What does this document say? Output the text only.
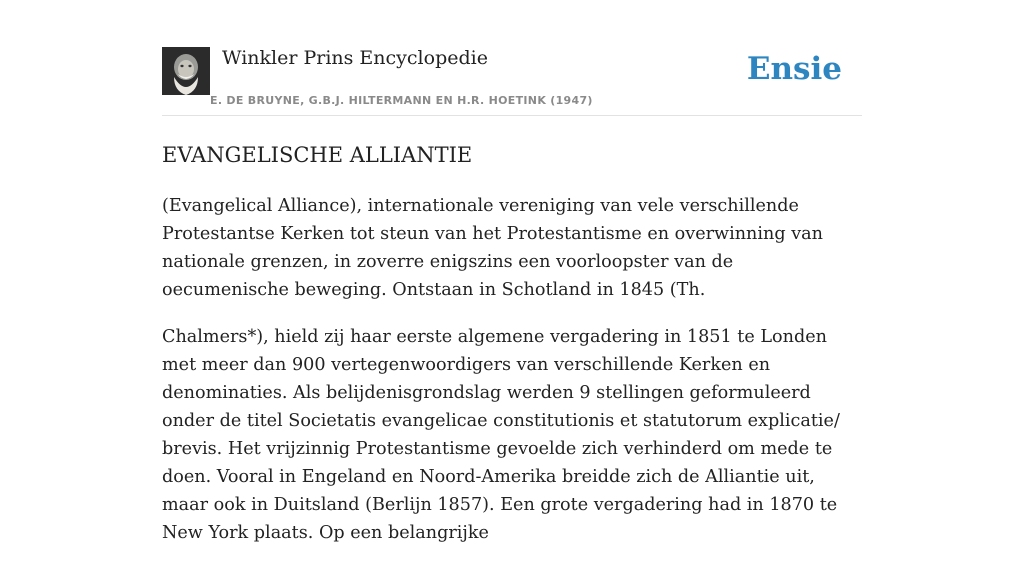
Winkler Prins Encyclopedie
E. DE BRUYNE, G.B.J. HILTERMANN EN H.R. HOETINK (1947)
Ensie
EVANGELISCHE ALLIANTIE

(Evangelical Alliance), internationale vereniging van vele verschillende Protestantse Kerken tot steun van het Protestantisme en overwinning van nationale grenzen, in zoverre enigszins een voorloopster van de oecumenische beweging. Ontstaan in Schotland in 1845 (Th.

Chalmers*), hield zij haar eerste algemene vergadering in 1851 te Londen met meer dan 900 vertegenwoordigers van verschillende Kerken en denominaties. Als belijdenisgrondslag werden 9 stellingen geformuleerd onder de titel Societatis evangelicae constitutionis et statutorum explicatie/ brevis. Het vrijzinnig Protestantisme gevoelde zich verhinderd om mede te doen. Vooral in Engeland en Noord-Amerika breidde zich de Alliantie uit, maar ook in Duitsland (Berlijn 1857). Een grote vergadering had in 1870 te New York plaats. Op een belangrijke
